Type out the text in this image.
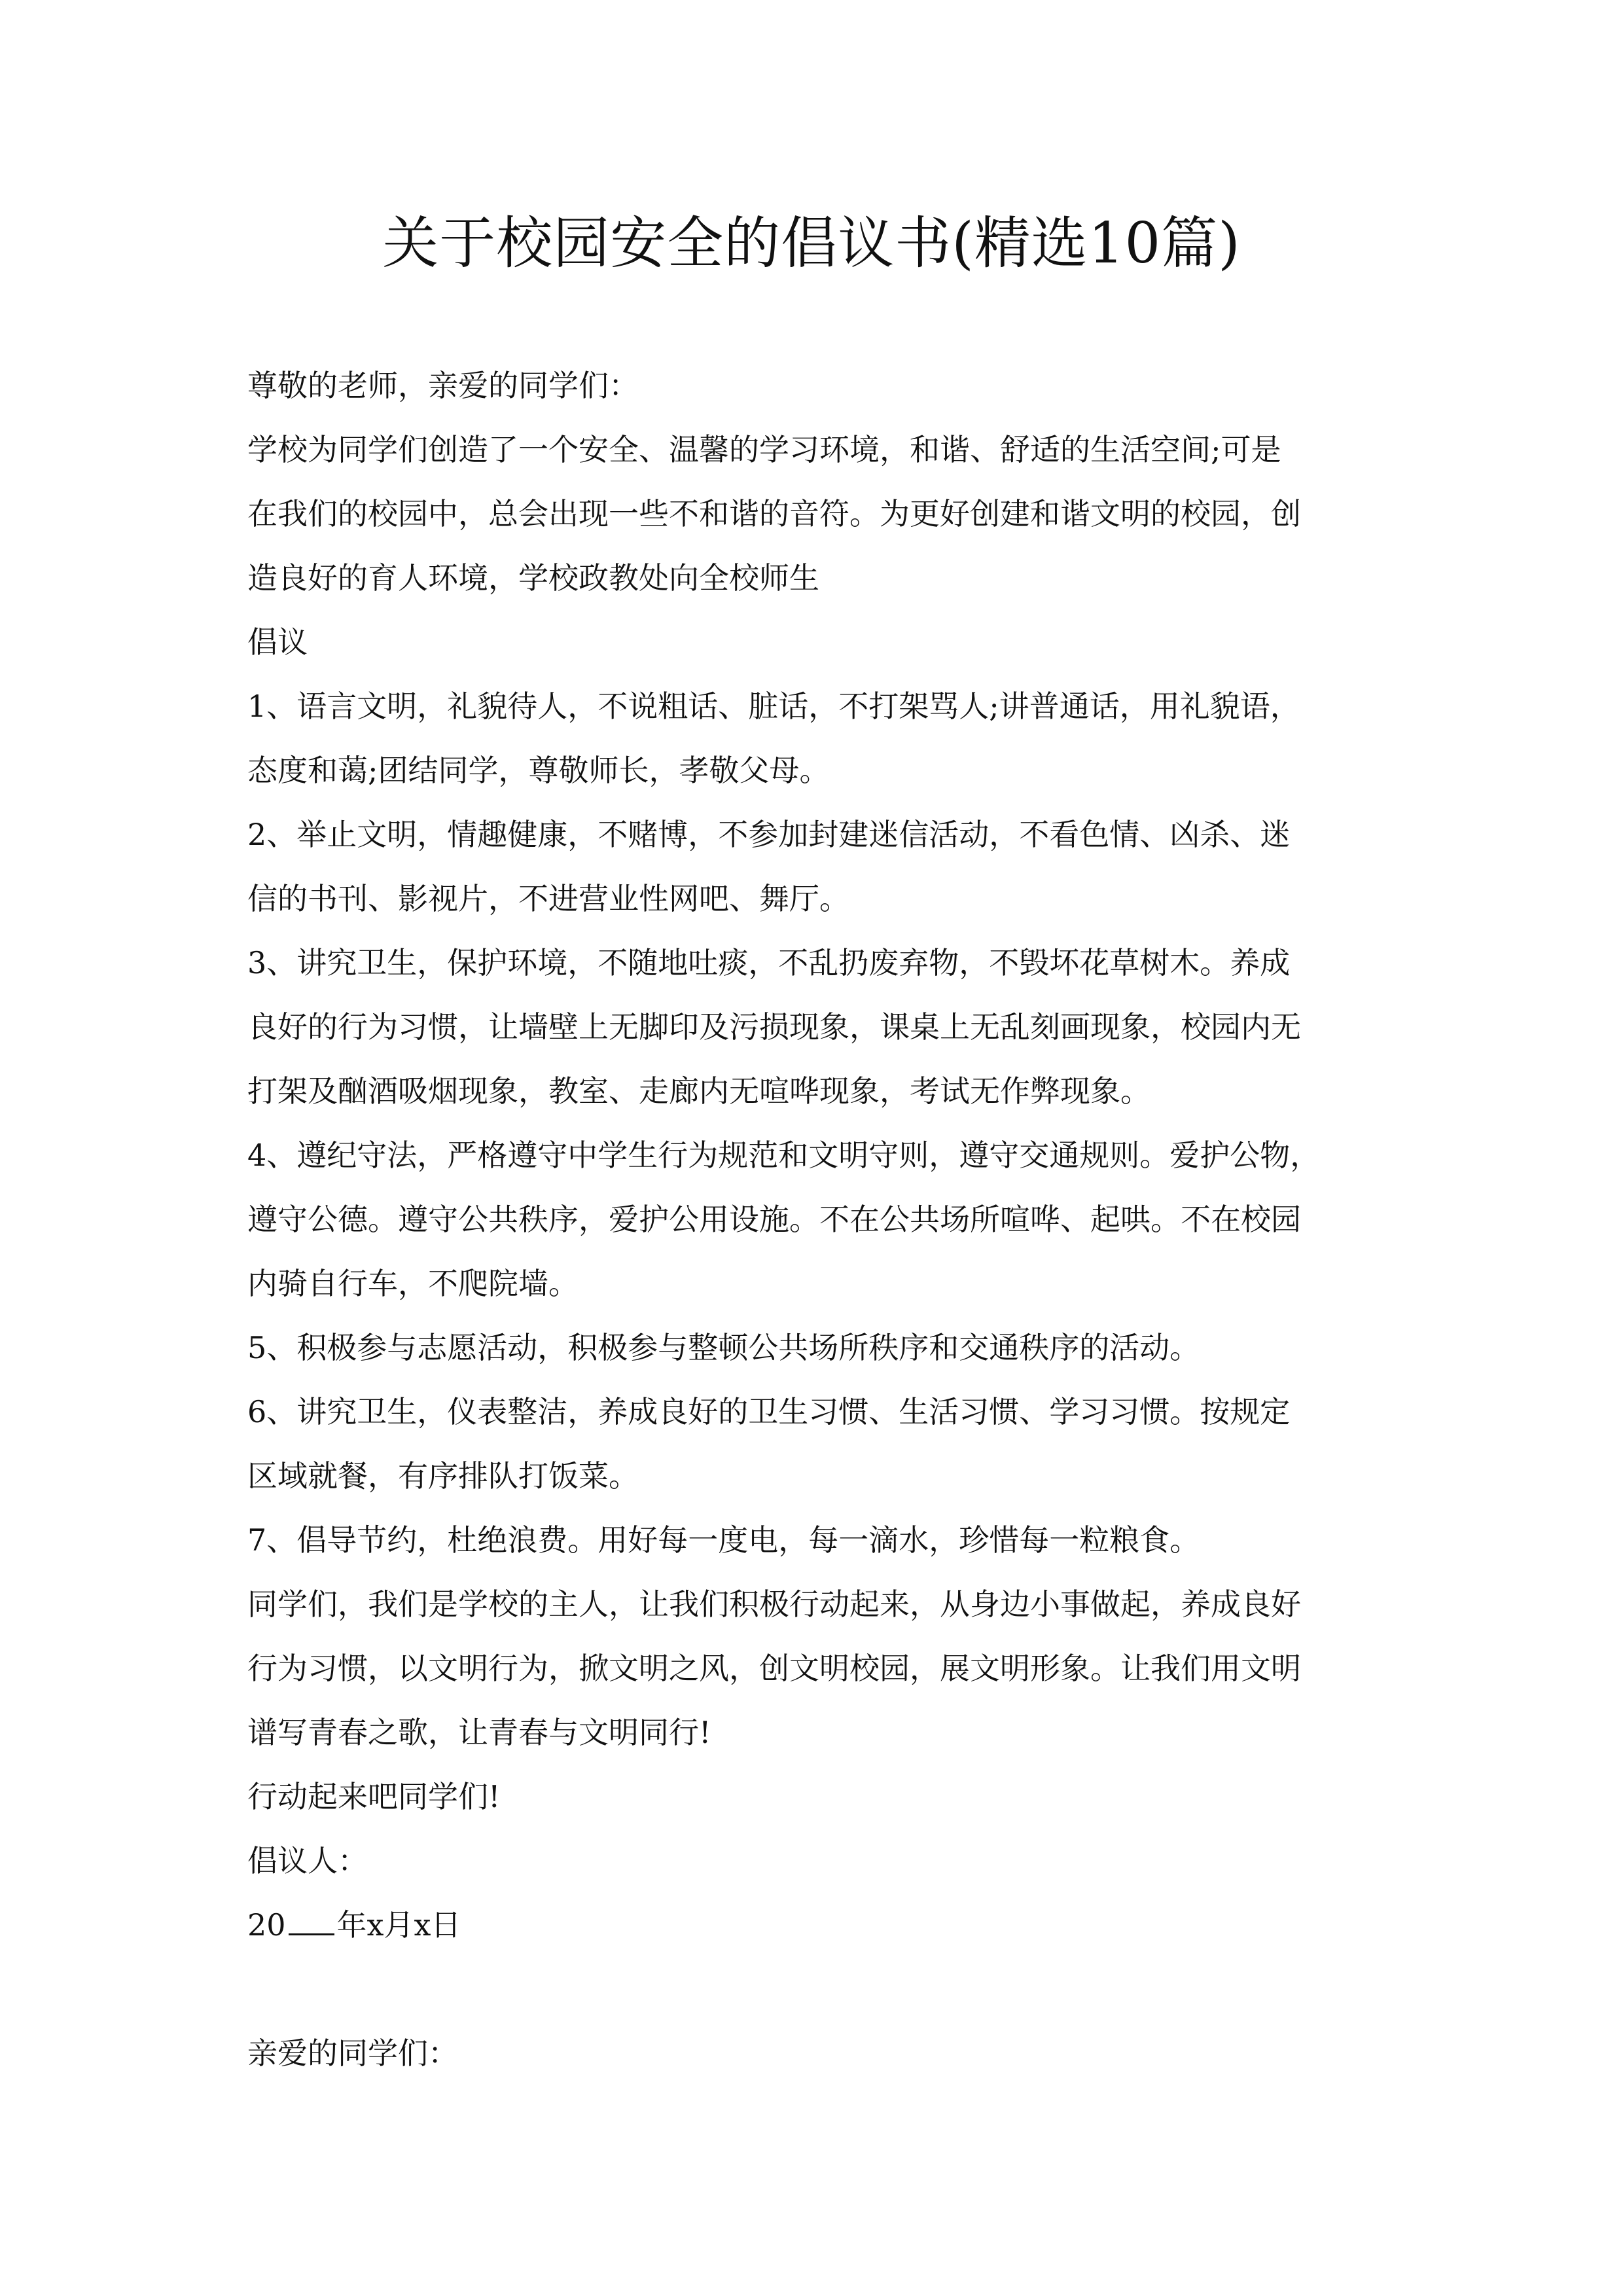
关于校园安全的倡议书(精选10篇)

尊敬的老师，亲爱的同学们：

学校为同学们创造了一个安全、温馨的学习环境，和谐、舒适的生活空间;可是

在我们的校园中，总会出现一些不和谐的音符。为更好创建和谐文明的校园，创

造良好的育人环境，学校政教处向全校师生

倡议

1、语言文明，礼貌待人，不说粗话、脏话，不打架骂人;讲普通话，用礼貌语，

态度和蔼;团结同学，尊敬师长，孝敬父母。

2、举止文明，情趣健康，不赌博，不参加封建迷信活动，不看色情、凶杀、迷

信的书刊、影视片，不进营业性网吧、舞厅。

3、讲究卫生，保护环境，不随地吐痰，不乱扔废弃物，不毁坏花草树木。养成

良好的行为习惯，让墙壁上无脚印及污损现象，课桌上无乱刻画现象，校园内无

打架及酗酒吸烟现象，教室、走廊内无喧哗现象，考试无作弊现象。

4、遵纪守法，严格遵守中学生行为规范和文明守则，遵守交通规则。爱护公物，

遵守公德。遵守公共秩序，爱护公用设施。不在公共场所喧哗、起哄。不在校园

内骑自行车，不爬院墙。

5、积极参与志愿活动，积极参与整顿公共场所秩序和交通秩序的活动。

6、讲究卫生，仪表整洁，养成良好的卫生习惯、生活习惯、学习习惯。按规定

区域就餐，有序排队打饭菜。

7、倡导节约，杜绝浪费。用好每一度电，每一滴水，珍惜每一粒粮食。

同学们，我们是学校的主人，让我们积极行动起来，从身边小事做起，养成良好

行为习惯，以文明行为，掀文明之风，创文明校园，展文明形象。让我们用文明

谱写青春之歌，让青春与文明同行!

行动起来吧同学们!

倡议人：

20 年x月x日

亲爱的同学们：
